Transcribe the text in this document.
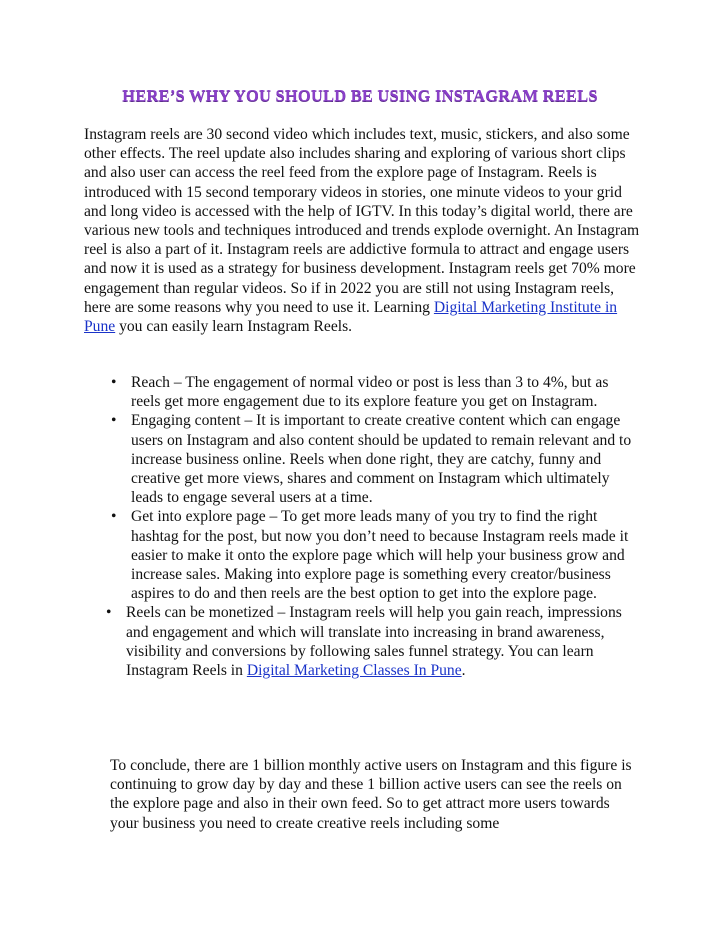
HERE’S WHY YOU SHOULD BE USING INSTAGRAM REELS

Instagram reels are 30 second video which includes text, music, stickers, and also some other effects. The reel update also includes sharing and exploring of various short clips and also user can access the reel feed from the explore page of Instagram. Reels is introduced with 15 second temporary videos in stories, one minute videos to your grid and long video is accessed with the help of IGTV. In this today’s digital world, there are various new tools and techniques introduced and trends explode overnight. An Instagram reel is also a part of it. Instagram reels are addictive formula to attract and engage users and now it is used as a strategy for business development. Instagram reels get 70% more engagement than regular videos. So if in 2022 you are still not using Instagram reels, here are some reasons why you need to use it. Learning Digital Marketing Institute in Pune you can easily learn Instagram Reels.

• Reach – The engagement of normal video or post is less than 3 to 4%, but as reels get more engagement due to its explore feature you get on Instagram.
• Engaging content – It is important to create creative content which can engage users on Instagram and also content should be updated to remain relevant and to increase business online. Reels when done right, they are catchy, funny and creative get more views, shares and comment on Instagram which ultimately leads to engage several users at a time.
• Get into explore page – To get more leads many of you try to find the right hashtag for the post, but now you don’t need to because Instagram reels made it easier to make it onto the explore page which will help your business grow and increase sales. Making into explore page is something every creator/business aspires to do and then reels are the best option to get into the explore page.
• Reels can be monetized – Instagram reels will help you gain reach, impressions and engagement and which will translate into increasing in brand awareness, visibility and conversions by following sales funnel strategy. You can learn Instagram Reels in Digital Marketing Classes In Pune.

To conclude, there are 1 billion monthly active users on Instagram and this figure is continuing to grow day by day and these 1 billion active users can see the reels on the explore page and also in their own feed. So to get attract more users towards your business you need to create creative reels including some
